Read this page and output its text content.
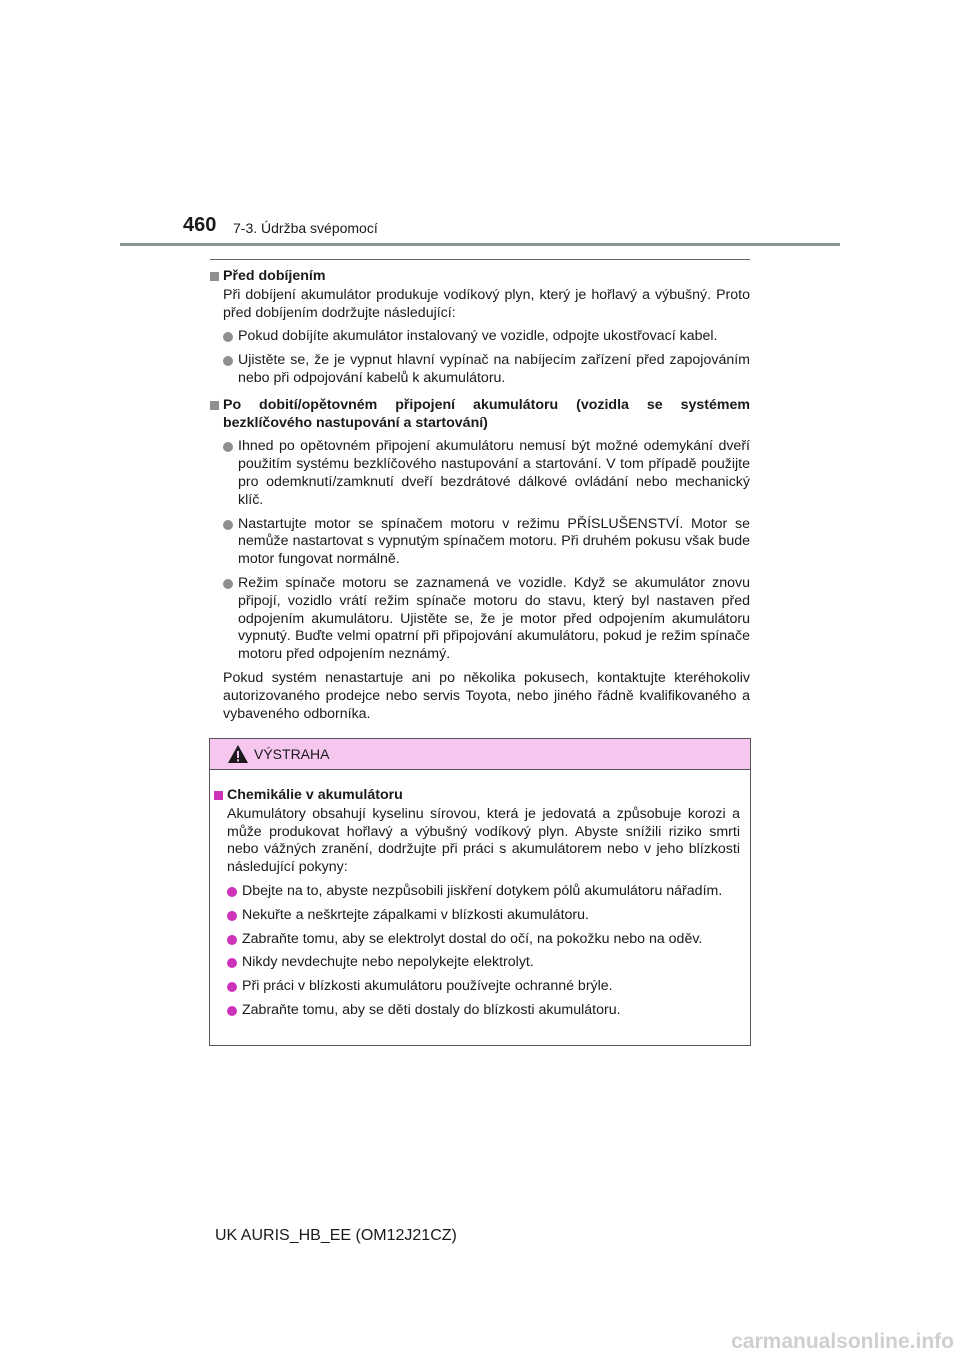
460 7-3. Údržba svépomocí
Před dobíjením
Při dobíjení akumulátor produkuje vodíkový plyn, který je hořlavý a výbušný. Proto před dobíjením dodržujte následující:
Pokud dobíjíte akumulátor instalovaný ve vozidle, odpojte ukostřovací kabel.
Ujistěte se, že je vypnut hlavní vypínač na nabíjecím zařízení před zapojováním nebo při odpojování kabelů k akumulátoru.
Po dobití/opětovném připojení akumulátoru (vozidla se systémem bezklíčového nastupování a startování)
Ihned po opětovném připojení akumulátoru nemusí být možné odemykání dveří použitím systému bezklíčového nastupování a startování. V tom případě použijte pro odemknutí/zamknutí dveří bezdrátové dálkové ovládání nebo mechanický klíč.
Nastartujte motor se spínačem motoru v režimu PŘÍSLUŠENSTVÍ. Motor se nemůže nastartovat s vypnutým spínačem motoru. Při druhém pokusu však bude motor fungovat normálně.
Režim spínače motoru se zaznamená ve vozidle. Když se akumulátor znovu připojí, vozidlo vrátí režim spínače motoru do stavu, který byl nastaven před odpojením akumulátoru. Ujistěte se, že je motor před odpojením akumulátoru vypnutý. Buďte velmi opatrní při připojování akumulátoru, pokud je režim spínače motoru před odpojením neznámý.
Pokud systém nenastartuje ani po několika pokusech, kontaktujte kteréhokoliv autorizovaného prodejce nebo servis Toyota, nebo jiného řádně kvalifikovaného a vybaveného odborníka.
VÝSTRAHA
Chemikálie v akumulátoru
Akumulátory obsahují kyselinu sírovou, která je jedovatá a způsobuje korozi a může produkovat hořlavý a výbušný vodíkový plyn. Abyste snížili riziko smrti nebo vážných zranění, dodržujte při práci s akumulátorem nebo v jeho blízkosti následující pokyny:
Dbejte na to, abyste nezpůsobili jiskření dotykem pólů akumulátoru nářadím.
Nekuřte a neškrtejte zápalkami v blízkosti akumulátoru.
Zabraňte tomu, aby se elektrolyt dostal do očí, na pokožku nebo na oděv.
Nikdy nevdechujte nebo nepolykejte elektrolyt.
Při práci v blízkosti akumulátoru používejte ochranné brýle.
Zabraňte tomu, aby se děti dostaly do blízkosti akumulátoru.
UK AURIS_HB_EE (OM12J21CZ)
carmanualsonline.info
